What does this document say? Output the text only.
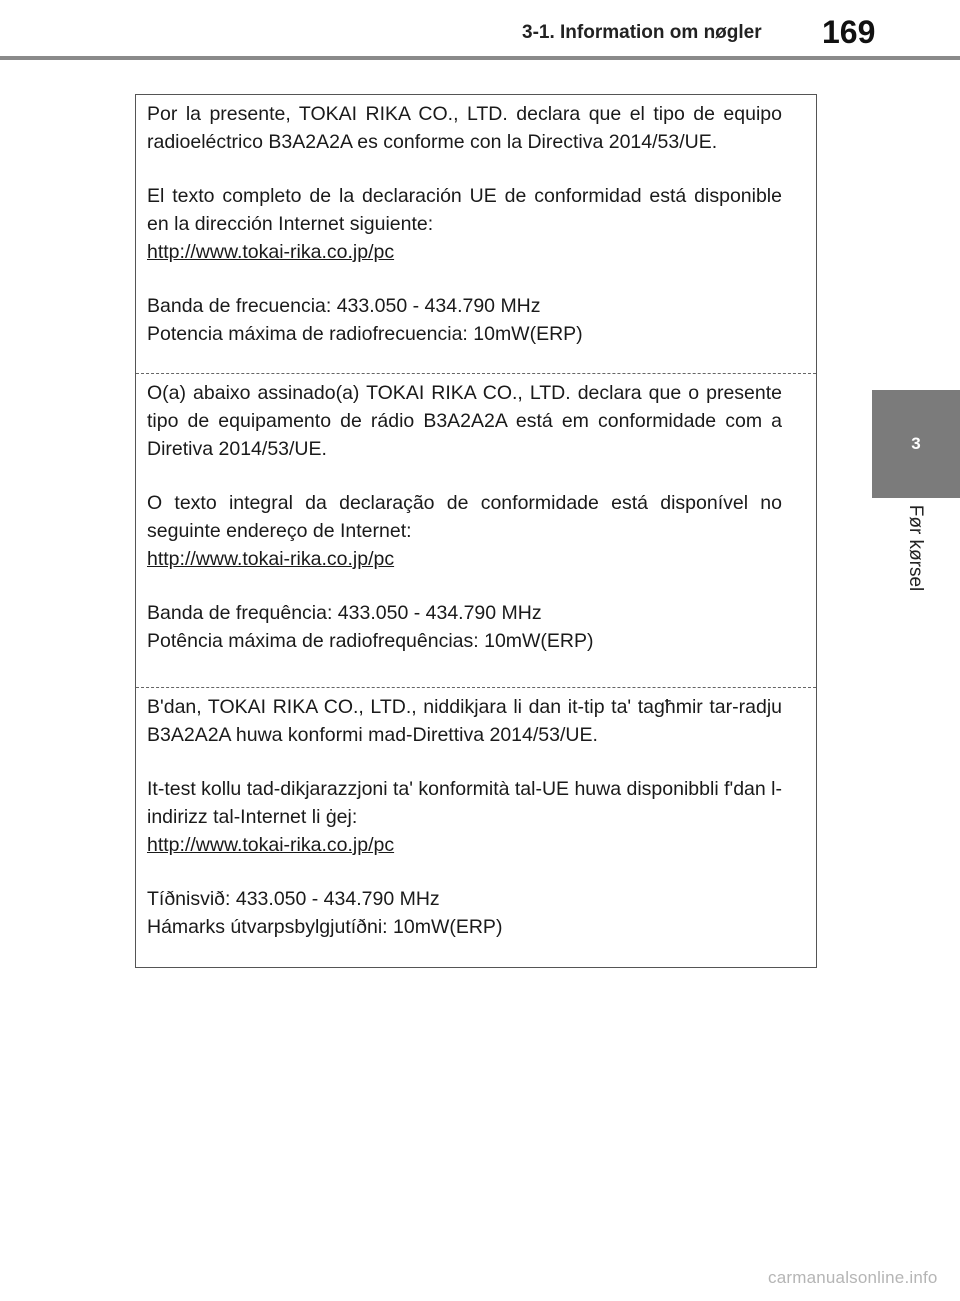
3-1. Information om nøgler 169
3
Før kørsel

Por la presente, TOKAI RIKA CO., LTD. declara que el tipo de equipo radioeléctrico B3A2A2A es conforme con la Directiva 2014/53/UE.

El texto completo de la declaración UE de conformidad está disponible en la dirección Internet siguiente:
http://www.tokai-rika.co.jp/pc

Banda de frecuencia: 433.050 - 434.790 MHz
Potencia máxima de radiofrecuencia: 10mW(ERP)

O(a) abaixo assinado(a) TOKAI RIKA CO., LTD. declara que o presente tipo de equipamento de rádio B3A2A2A está em conformidade com a Diretiva 2014/53/UE.

O texto integral da declaração de conformidade está disponível no seguinte endereço de Internet:
http://www.tokai-rika.co.jp/pc

Banda de frequência: 433.050 - 434.790 MHz
Potência máxima de radiofrequências: 10mW(ERP)

B'dan, TOKAI RIKA CO., LTD., niddikjara li dan it-tip ta' tagħmir tar-radju B3A2A2A huwa konformi mad-Direttiva 2014/53/UE.

It-test kollu tad-dikjarazzjoni ta' konformità tal-UE huwa disponibbli f'dan l-indirizz tal-Internet li ġej:
http://www.tokai-rika.co.jp/pc

Tíðnisvið: 433.050 - 434.790 MHz
Hámarks útvarpsbylgjutíðni: 10mW(ERP)

carmanualsonline.info
